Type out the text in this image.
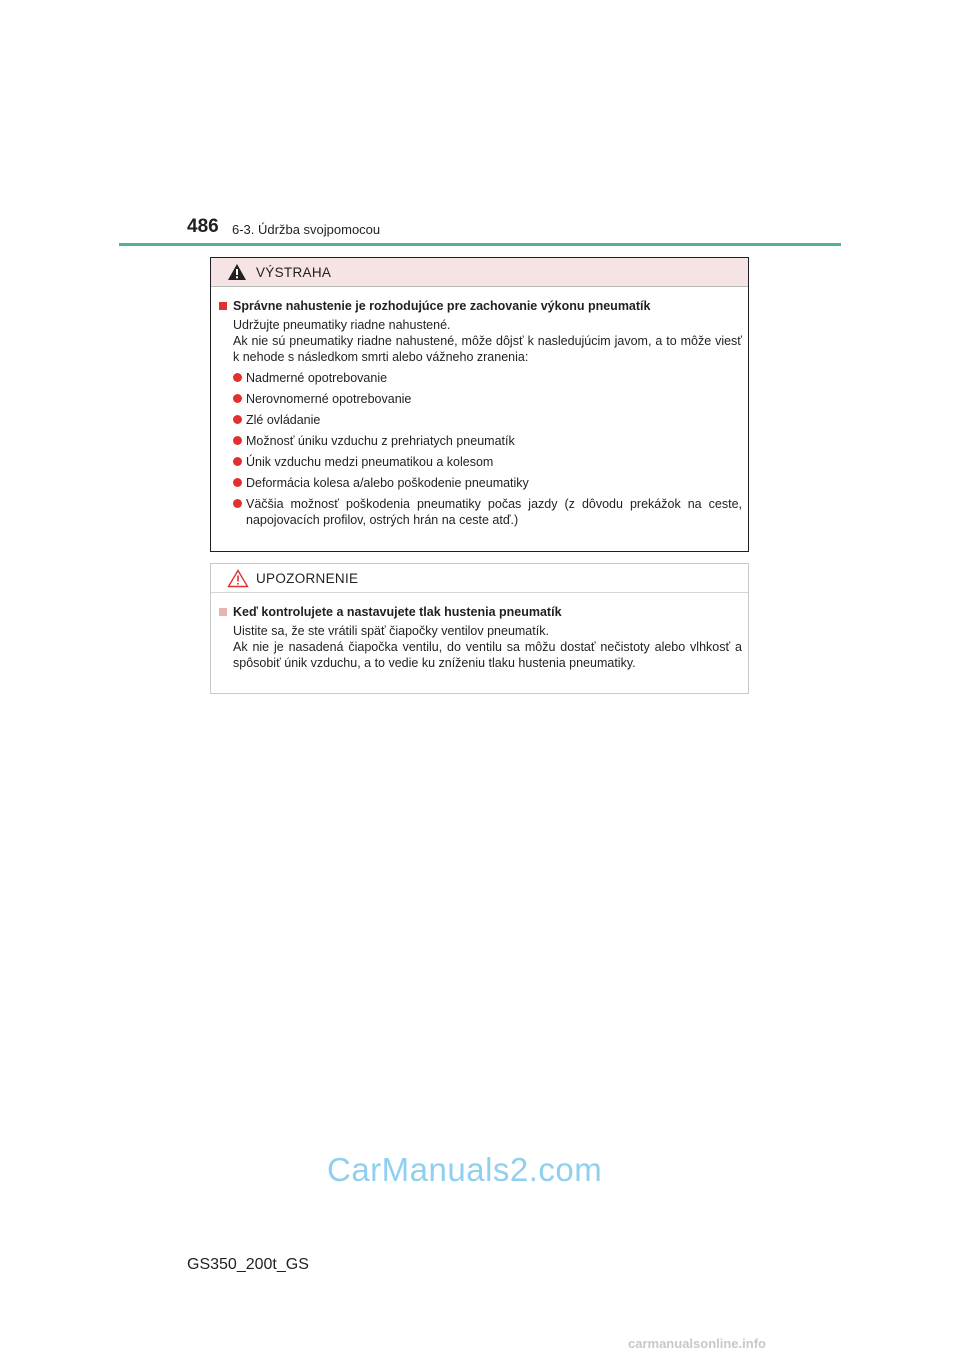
486 6-3. Údržba svojpomocou
VÝSTRAHA
Správne nahustenie je rozhodujúce pre zachovanie výkonu pneumatík
Udržujte pneumatiky riadne nahustené.
Ak nie sú pneumatiky riadne nahustené, môže dôjsť k nasledujúcim javom, a to môže viesť k nehode s následkom smrti alebo vážneho zranenia:
Nadmerné opotrebovanie
Nerovnomerné opotrebovanie
Zlé ovládanie
Možnosť úniku vzduchu z prehriatych pneumatík
Únik vzduchu medzi pneumatikou a kolesom
Deformácia kolesa a/alebo poškodenie pneumatiky
Väčšia možnosť poškodenia pneumatiky počas jazdy (z dôvodu prekážok na ceste, napojovacích profilov, ostrých hrán na ceste atď.)
UPOZORNENIE
Keď kontrolujete a nastavujete tlak hustenia pneumatík
Uistite sa, že ste vrátili späť čiapočky ventilov pneumatík.
Ak nie je nasadená čiapočka ventilu, do ventilu sa môžu dostať nečistoty alebo vlhkosť a spôsobiť únik vzduchu, a to vedie ku zníženiu tlaku hustenia pneumatiky.
CarManuals2.com
GS350_200t_GS
carmanualsonline.info
